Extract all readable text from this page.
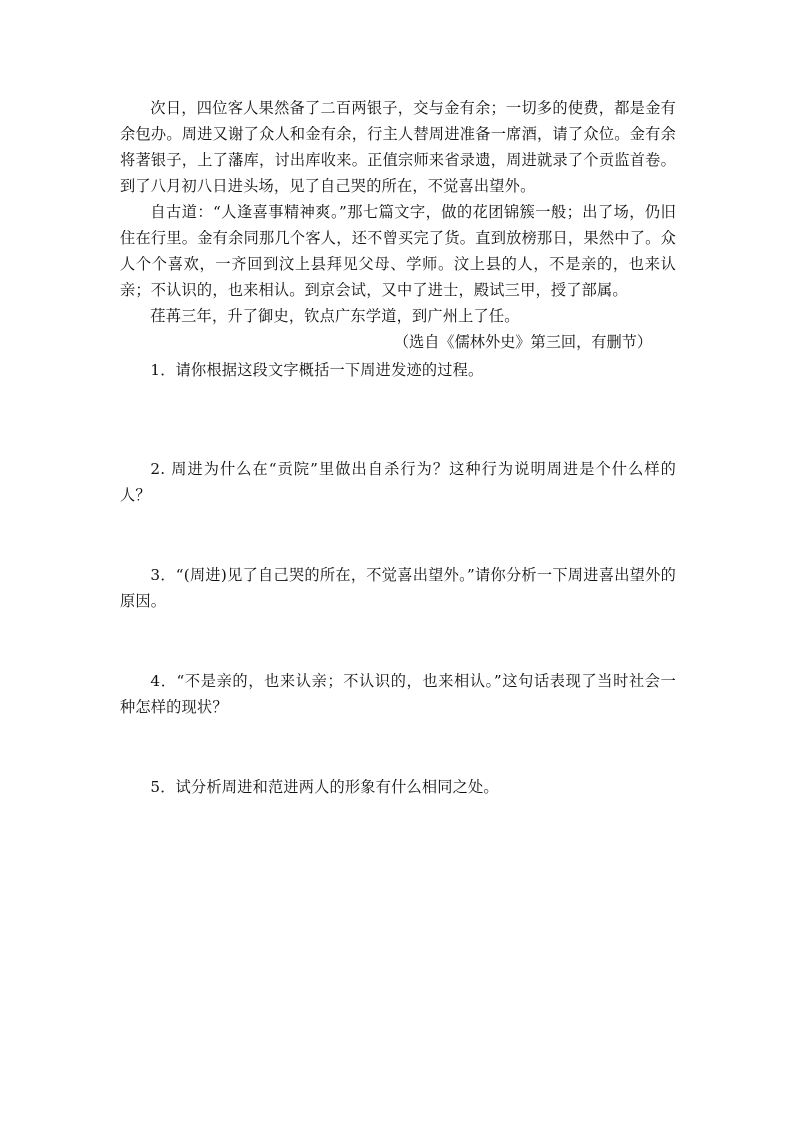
次日，四位客人果然备了二百两银子，交与金有余；一切多的使费，都是金有余包办。周进又谢了众人和金有余，行主人替周进准备一席酒，请了众位。金有余将著银子，上了藩库，讨出库收来。正值宗师来省录遗，周进就录了个贡监首卷。到了八月初八日进头场，见了自己哭的所在，不觉喜出望外。

自古道：“人逢喜事精神爽。”那七篇文字，做的花团锦簇一般；出了场，仍旧住在行里。金有余同那几个客人，还不曾买完了货。直到放榜那日，果然中了。众人个个喜欢，一齐回到汶上县拜见父母、学师。汶上县的人，不是亲的，也来认亲；不认识的，也来相认。到京会试，又中了进士，殿试三甲，授了部属。

荏苒三年，升了御史，钦点广东学道，到广州上了任。

（选自《儒林外史》第三回，有删节）

1．请你根据这段文字概括一下周进发迹的过程。

2. 周进为什么在“贡院”里做出自杀行为？这种行为说明周进是个什么样的人？

3．“(周进)见了自己哭的所在，不觉喜出望外。”请你分析一下周进喜出望外的原因。

4．“不是亲的，也来认亲；不认识的，也来相认。”这句话表现了当时社会一种怎样的现状？

5．试分析周进和范进两人的形象有什么相同之处。
